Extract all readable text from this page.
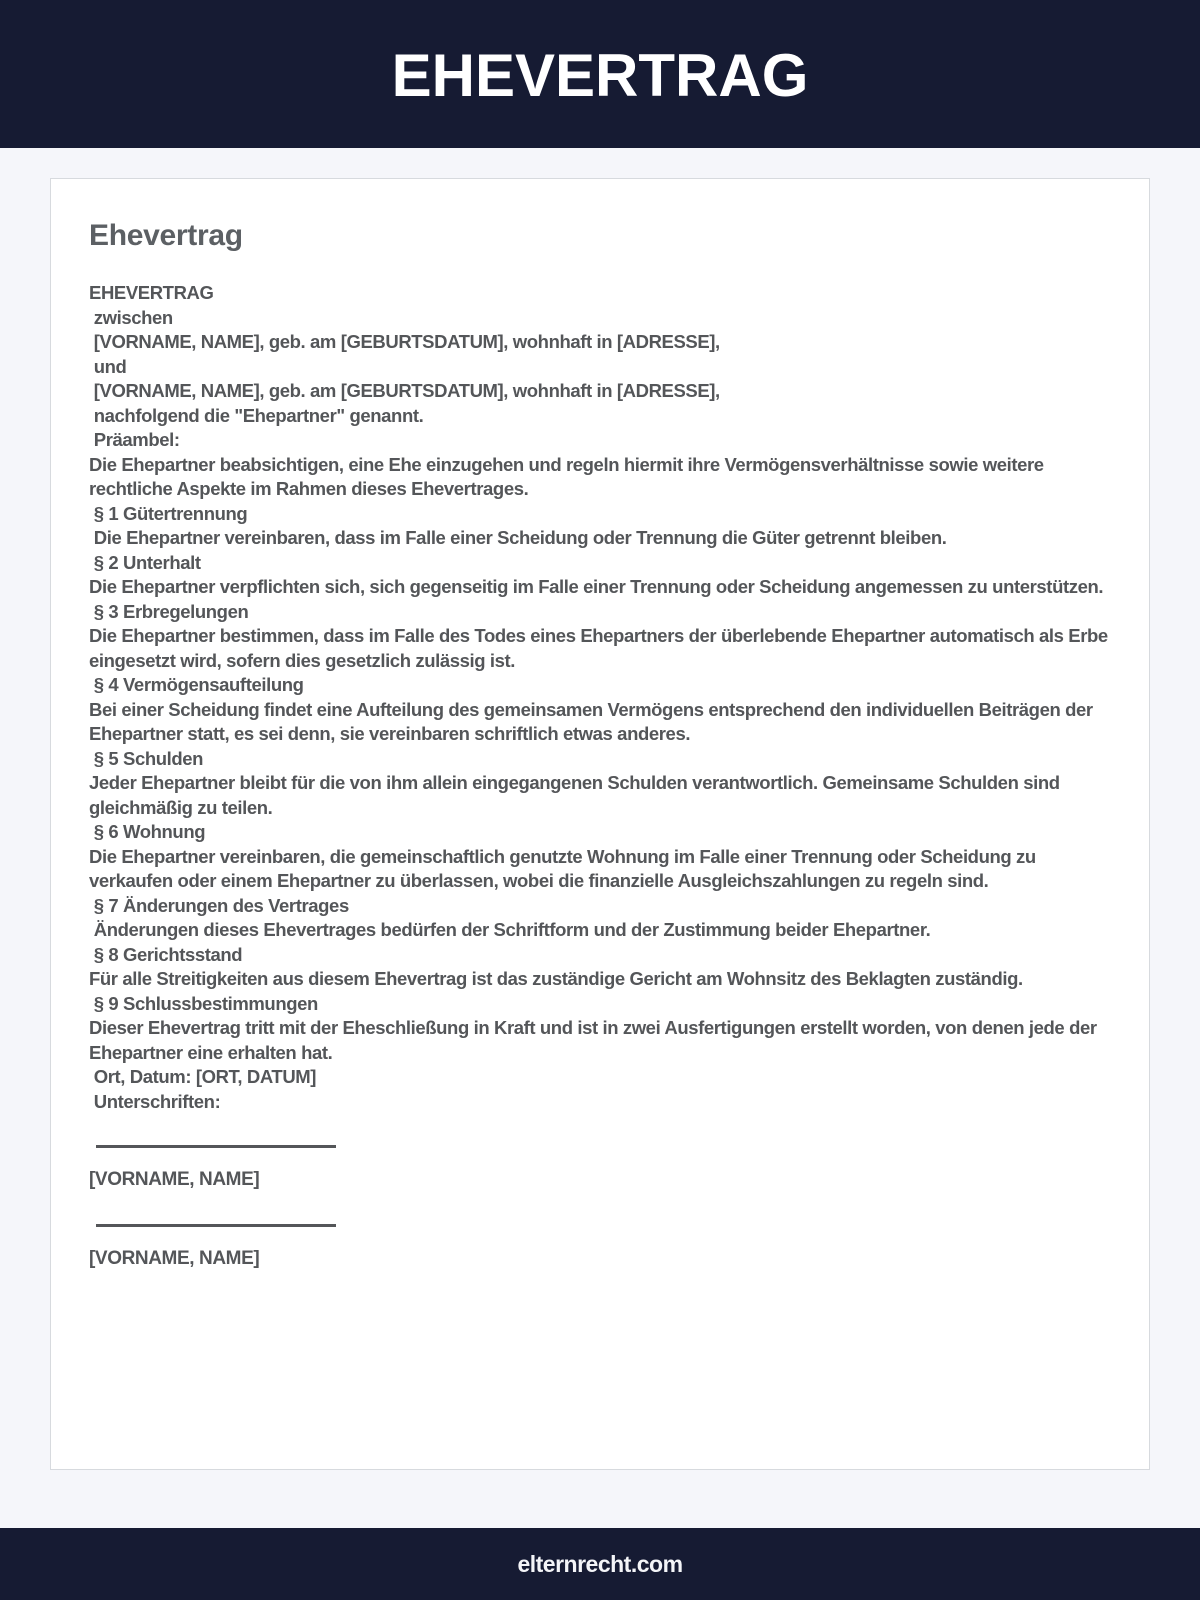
EHEVERTRAG
Ehevertrag

EHEVERTRAG

zwischen

[VORNAME, NAME], geb. am [GEBURTSDATUM], wohnhaft in [ADRESSE],

und

[VORNAME, NAME], geb. am [GEBURTSDATUM], wohnhaft in [ADRESSE],

nachfolgend die "Ehepartner" genannt.

Präambel:

Die Ehepartner beabsichtigen, eine Ehe einzugehen und regeln hiermit ihre Vermögensverhältnisse sowie weitere rechtliche Aspekte im Rahmen dieses Ehevertrages.

§ 1 Gütertrennung

Die Ehepartner vereinbaren, dass im Falle einer Scheidung oder Trennung die Güter getrennt bleiben.

§ 2 Unterhalt

Die Ehepartner verpflichten sich, sich gegenseitig im Falle einer Trennung oder Scheidung angemessen zu unterstützen.

§ 3 Erbregelungen

Die Ehepartner bestimmen, dass im Falle des Todes eines Ehepartners der überlebende Ehepartner automatisch als Erbe eingesetzt wird, sofern dies gesetzlich zulässig ist.

§ 4 Vermögensaufteilung

Bei einer Scheidung findet eine Aufteilung des gemeinsamen Vermögens entsprechend den individuellen Beiträgen der Ehepartner statt, es sei denn, sie vereinbaren schriftlich etwas anderes.

§ 5 Schulden

Jeder Ehepartner bleibt für die von ihm allein eingegangenen Schulden verantwortlich. Gemeinsame Schulden sind gleichmäßig zu teilen.

§ 6 Wohnung

Die Ehepartner vereinbaren, die gemeinschaftlich genutzte Wohnung im Falle einer Trennung oder Scheidung zu verkaufen oder einem Ehepartner zu überlassen, wobei die finanzielle Ausgleichszahlungen zu regeln sind.

§ 7 Änderungen des Vertrages

Änderungen dieses Ehevertrages bedürfen der Schriftform und der Zustimmung beider Ehepartner.

§ 8 Gerichtsstand

Für alle Streitigkeiten aus diesem Ehevertrag ist das zuständige Gericht am Wohnsitz des Beklagten zuständig.

§ 9 Schlussbestimmungen

Dieser Ehevertrag tritt mit der Eheschließung in Kraft und ist in zwei Ausfertigungen erstellt worden, von denen jede der Ehepartner eine erhalten hat.

Ort, Datum: [ORT, DATUM]

Unterschriften:

[VORNAME, NAME]

[VORNAME, NAME]

elternrecht.com
